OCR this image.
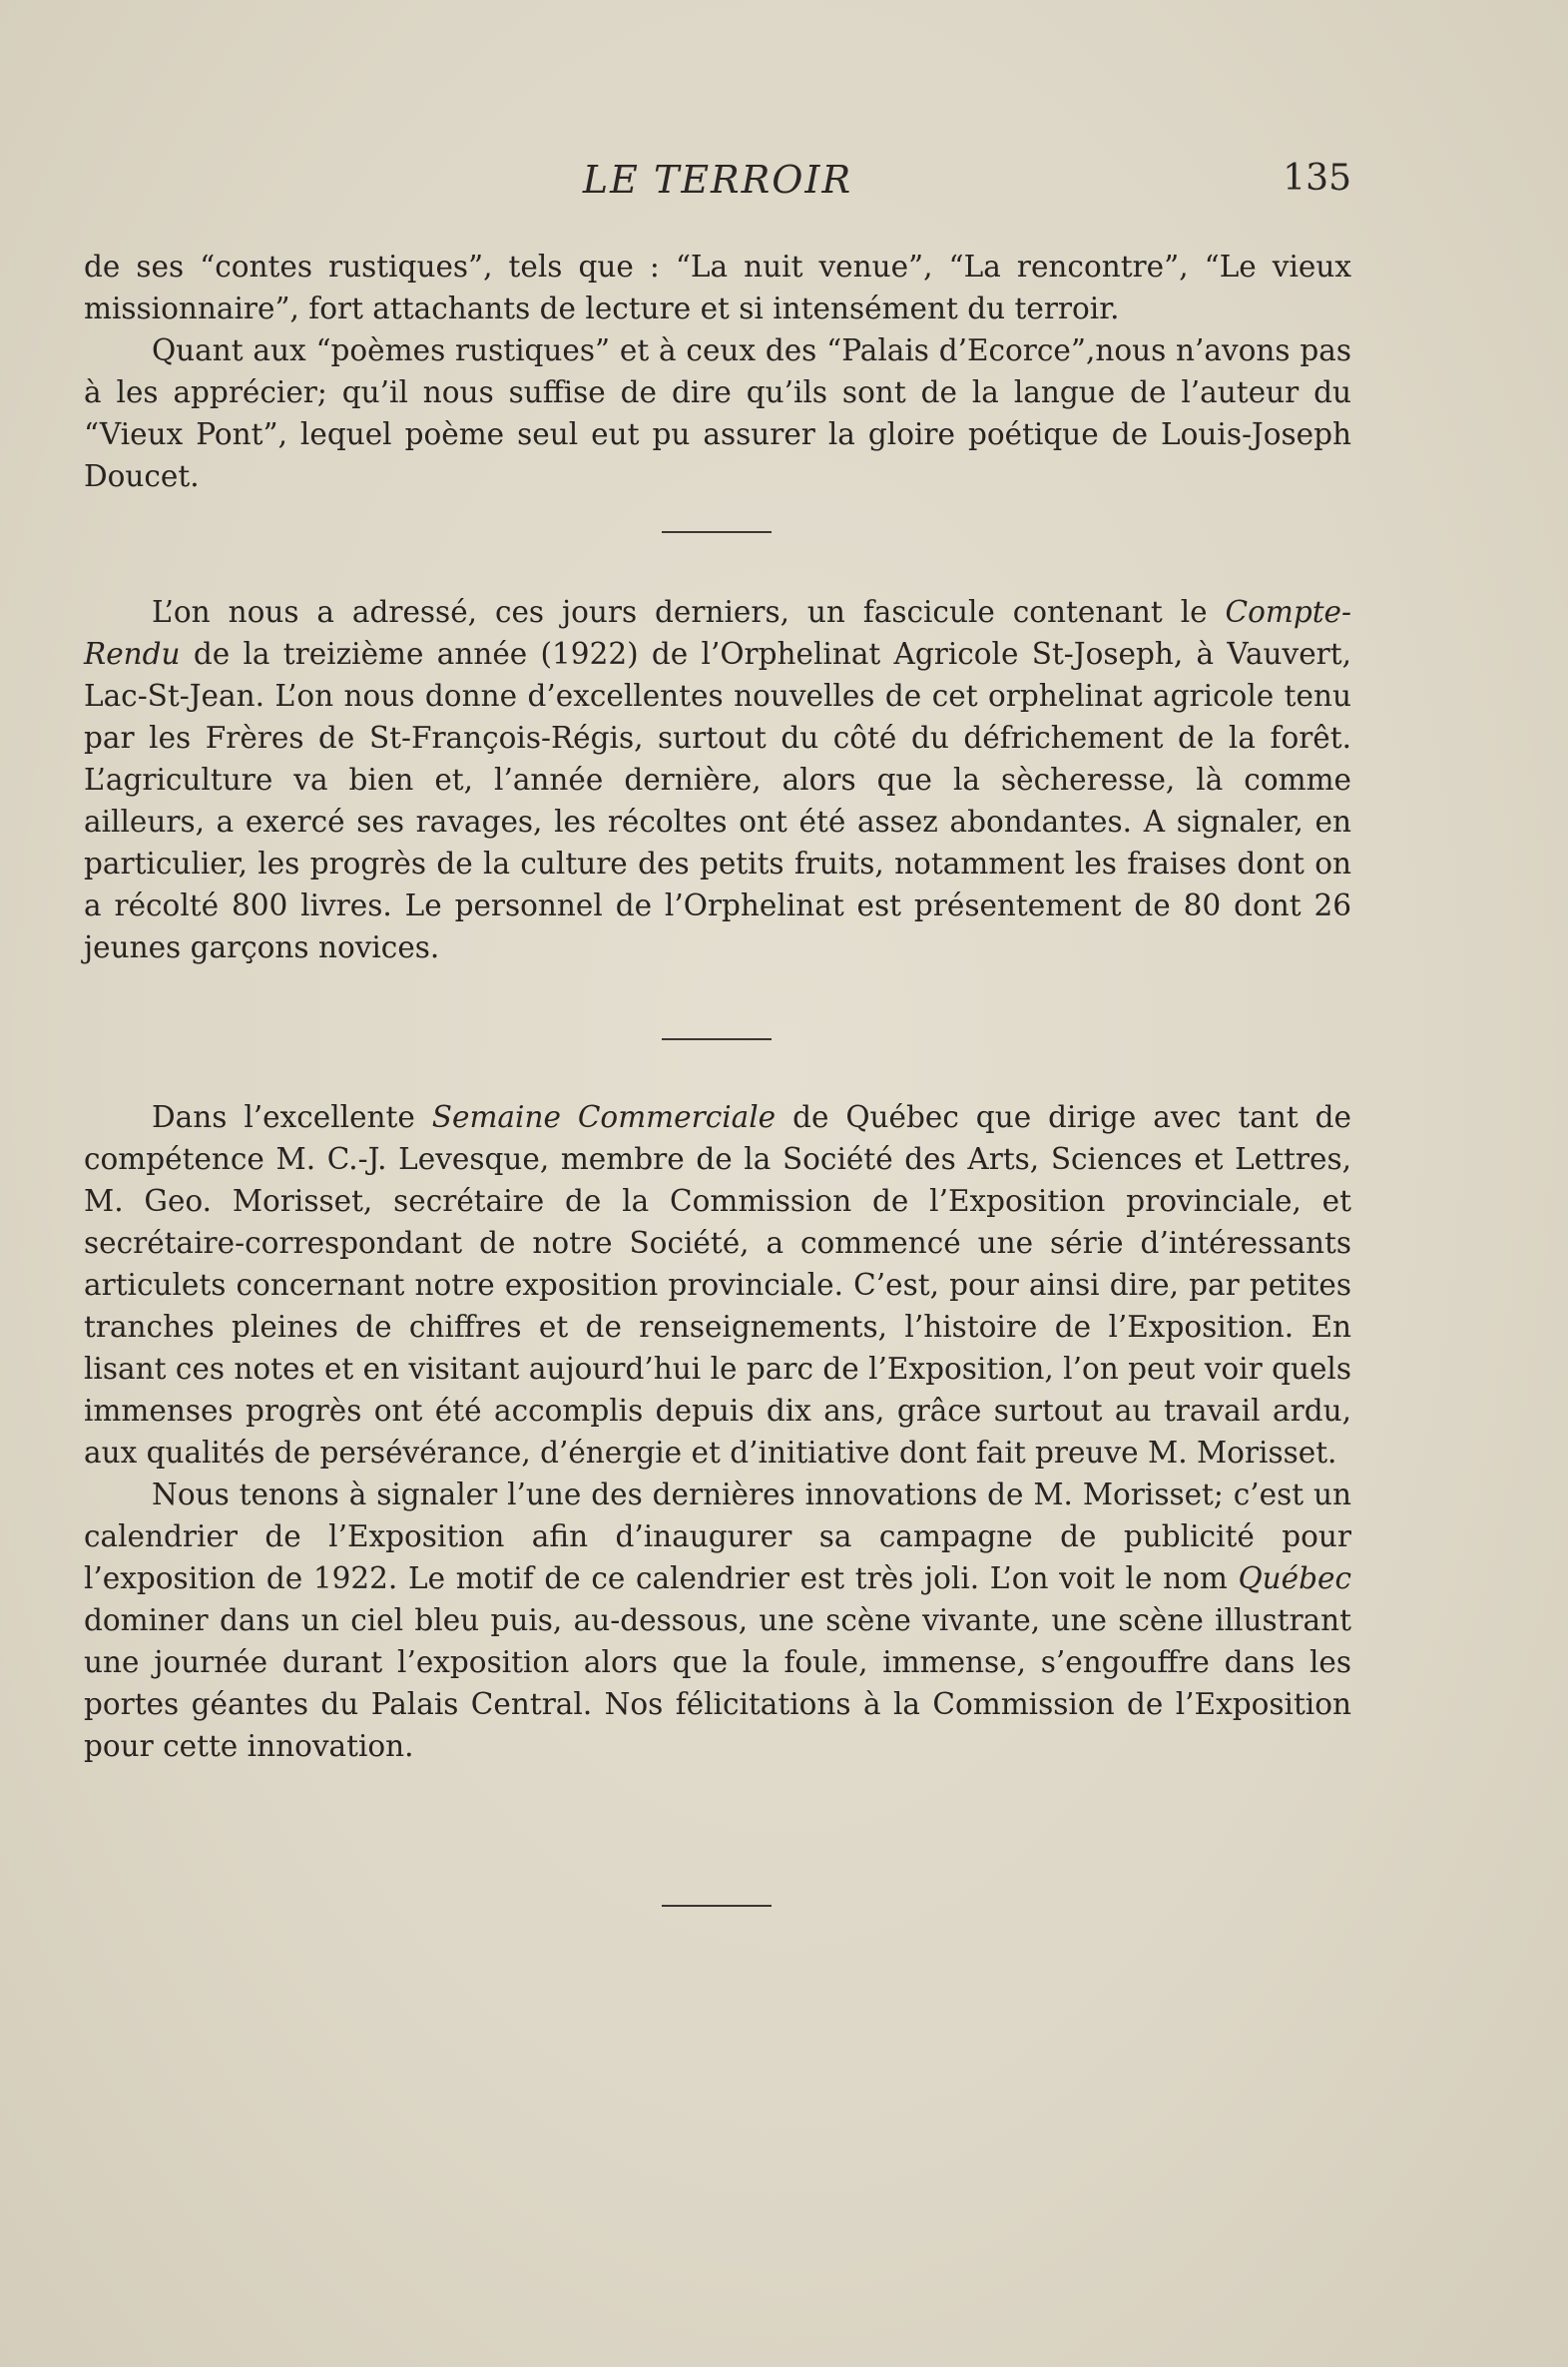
LE TERROIR	135

de ses “contes rustiques”, tels que : “La nuit venue”, “La rencontre”, “Le vieux missionnaire”, fort attachants de lecture et si intensément du terroir.

Quant aux “poèmes rustiques” et à ceux des “Palais d’Ecorce”,nous n’avons pas à les apprécier; qu’il nous suffise de dire qu’ils sont de la langue de l’auteur du “Vieux Pont”, lequel poème seul eut pu assurer la gloire poétique de Louis-Joseph Doucet.

L’on nous a adressé, ces jours derniers, un fascicule contenant le Compte-Rendu de la treizième année (1922) de l’Orphelinat Agricole St-Joseph, à Vauvert, Lac-St-Jean. L’on nous donne d’excellentes nouvelles de cet orphelinat agricole tenu par les Frères de St-François-Régis, surtout du côté du défrichement de la forêt. L’agriculture va bien et, l’année dernière, alors que la sècheresse, là comme ailleurs, a exercé ses ravages, les récoltes ont été assez abondantes. A signaler, en particulier, les progrès de la culture des petits fruits, notamment les fraises dont on a récolté 800 livres. Le personnel de l’Orphelinat est présentement de 80 dont 26 jeunes garçons novices.

Dans l’excellente Semaine Commerciale de Québec que dirige avec tant de compétence M. C.-J. Levesque, membre de la Société des Arts, Sciences et Lettres, M. Geo. Morisset, secrétaire de la Commission de l’Exposition provinciale, et secrétaire-correspondant de notre Société, a commencé une série d’intéressants articulets concernant notre exposition provinciale. C’est, pour ainsi dire, par petites tranches pleines de chiffres et de renseignements, l’histoire de l’Exposition. En lisant ces notes et en visitant aujourd’hui le parc de l’Exposition, l’on peut voir quels immenses progrès ont été accomplis depuis dix ans, grâce surtout au travail ardu, aux qualités de persévérance, d’énergie et d’initiative dont fait preuve M. Morisset.

Nous tenons à signaler l’une des dernières innovations de M. Morisset; c’est un calendrier de l’Exposition afin d’inaugurer sa campagne de publicité pour l’exposition de 1922. Le motif de ce calendrier est très joli. L’on voit le nom Québec dominer dans un ciel bleu puis, au-dessous, une scène vivante, une scène illustrant une journée durant l’exposition alors que la foule, immense, s’engouffre dans les portes géantes du Palais Central. Nos félicitations à la Commission de l’Exposition pour cette innovation.
